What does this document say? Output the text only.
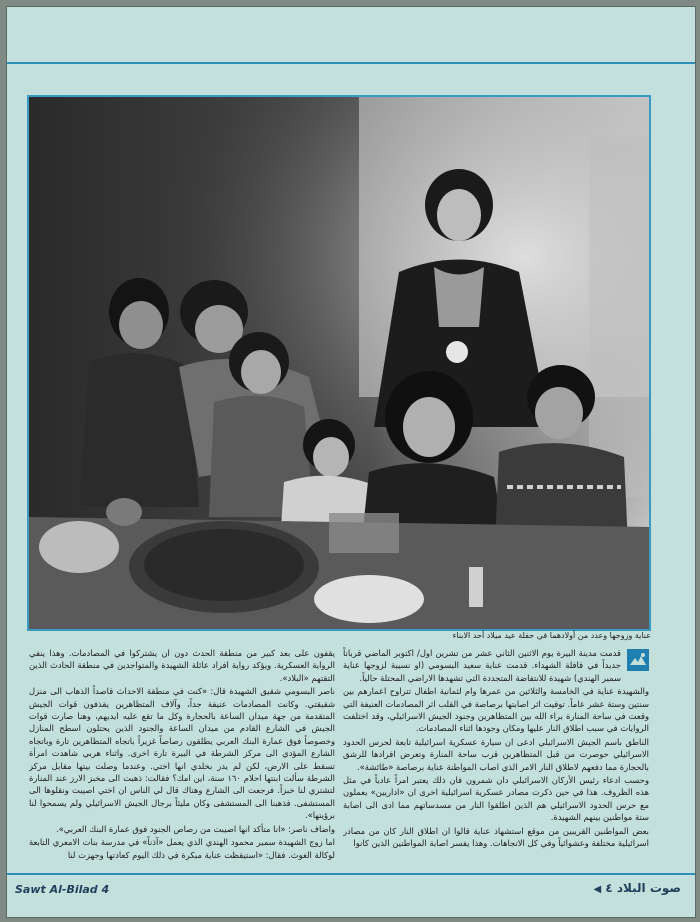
عناية وزوجها وعدد من أولادهما في حفلة عيد ميلاد أحد الابناء

قدمت مدينة البيرة يوم الاثنين الثاني عشر من تشرين اول/ اكتوبر الماضي قرباناً جديداً في قافلة الشهداء. قدمت عناية سعيد البسومي (او نسيبة لزوجها عناية سمير الهندي) شهيدة للانتفاضة المتجددة التي تشهدها الاراضي المحتلة حالياً.

والشهيدة عناية في الخامسة والثلاثين من عمرها وام لثمانية اطفال تتراوح اعمارهم بين سنتين وستة عشر عاماً. توفيت اثر اصابتها برصاصة في القلب اثر المصادمات العنيفة التي وقعت في ساحة المنارة براء الله بين المتظاهرين وجنود الجيش الاسرائيلي، وقد اختلفت الروايات في سبب اطلاق النار عليها ومكان وجودها اثناء المصادمات.

الناطق باسم الجيش الاسرائيلي ادعى ان سيارة عسكرية اسرائيلية تابعة لحرس الحدود الاسرائيلي حوصرت من قبل المتظاهرين قرب ساحة المنارة وتعرض افرادها للرشق بالحجارة مما دفعهم لاطلاق النار الامر الذي اصاب المواطنة عناية برصاصة «طائشة».

وحسب ادعاء رئيس الأركان الاسرائيلي دان شمرون فان ذلك يعتبر امراً عادياً في مثل هذه الظروف. هذا في حين ذكرت مصادر عسكرية اسرائيلية اخرى ان «اداريين» يعملون مع حرس الحدود الاسرائيلي هم الذين اطلقوا النار من مسدساتهم مما ادى الى اصابة ستة مواطنين بينهم الشهيدة.

بعض المواطنين القريبين من موقع استشهاد عناية قالوا ان اطلاق النار كان من مصادر اسرائيلية مختلفة وعشوائياً وفي كل الاتجاهات. وهذا يفسر اصابة المواطنين الذين كانوا

يقفون على بعد كبير من منطقة الحدث دون ان يشتركوا في المصادمات. وهذا ينفي الرواية العسكرية. ويؤكد رواية افراد عائلة الشهيدة والمتواجدين في منطقة الحادث الذين التقتهم «البلاد».

ناصر البسومي شقيق الشهيدة قال: «كنت في منطقة الاحداث قاصداً الذهاب الى منزل شقيقتي. وكانت المصادمات عنيفة جداً، وآلاف المتظاهرين يقذفون قوات الجيش المتقدمة من جهة ميدان الساعة بالحجارة وكل ما تقع عليه ايديهم، وهنا صارت قوات الجيش في الشارع القادم من ميدان الساعة والجنود الذين يحتلون اسطح المنازل وخصوصاً فوق عمارة البنك العربي يطلقون رصاصاً غزيراً باتجاه المتظاهرين تارة وباتجاه الشارع المؤدي الى مركز الشرطة في البيرة تارة اخرى. واثناء هربي شاهدت امرأة تسقط على الارض، لكن لم يدر بخلدي انها اختي. وعندما وصلت بيتها مقابل مركز الشرطة سألت ابنتها احلام ١٦٠ سنة، اين امك؟ فقالت: ذهبت الى مخبز الارز عند المنارة لتشتري لنا خبزاً. فرجعت الى الشارع وهناك قال لي الناس ان اختي اصيبت ونقلوها الى المستشفى. فذهبنا الى المستشفى وكان مليئاً برجال الجيش الاسرائيلي ولم يسمحوا لنا برؤيتها».

واضاف ناصر: «انا متأكد انها اصيبت من رصاص الجنود فوق عمارة البنك العربي».

اما زوج الشهيدة سمير محمود الهندي الذي يعمل «آذناً» في مدرسة بنات الامعري التابعة لوكالة الغوث. فقال: «استيقظت عناية مبكرة في ذلك اليوم كعادتها وجهزت لنا

Sawt Al-Bilad 4	صوت البلاد ٤ ◀
